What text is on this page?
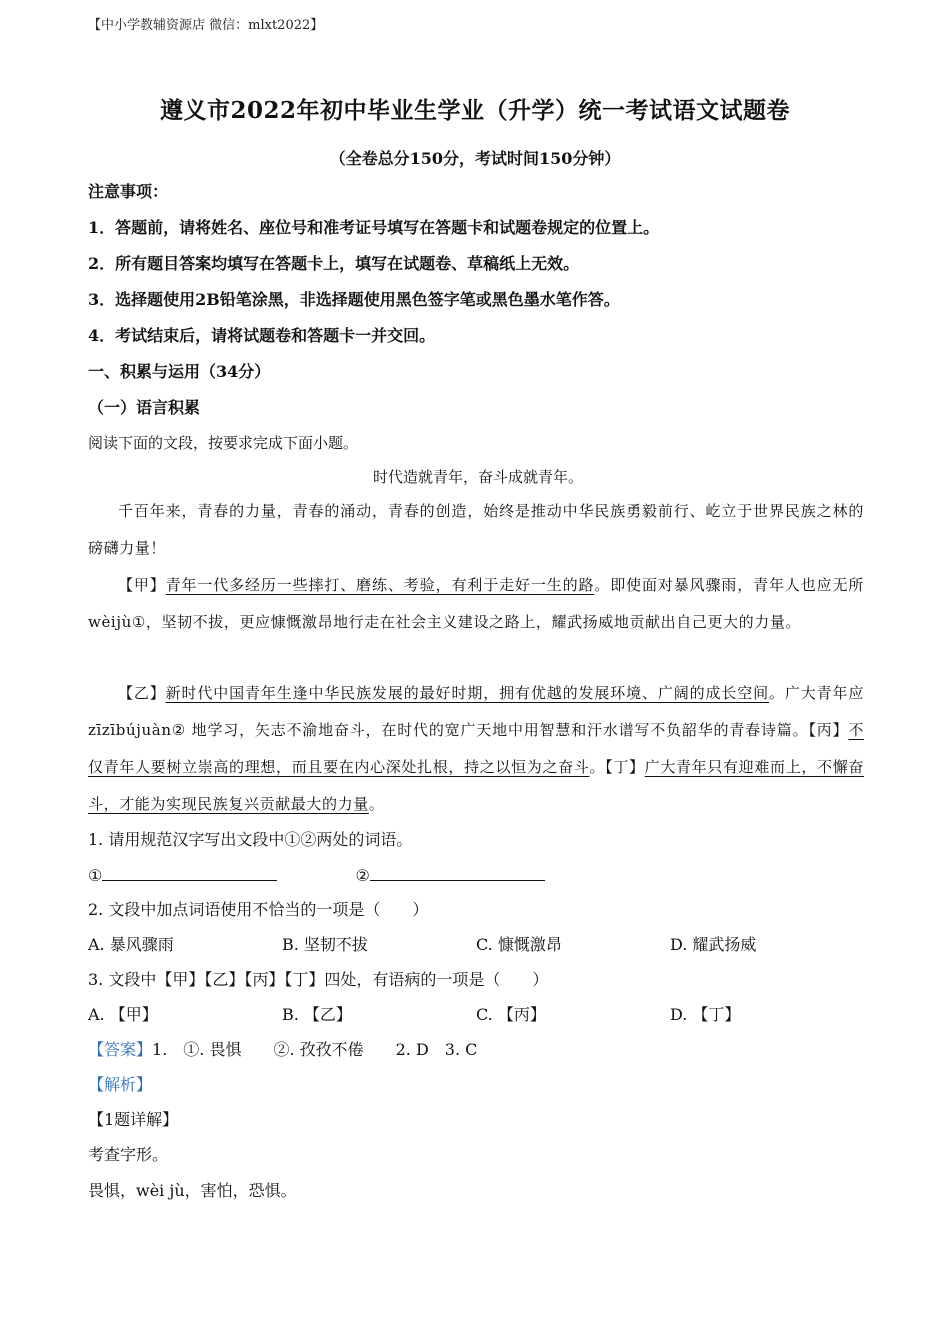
【中小学教辅资源店 微信：mlxt2022】
遵义市2022年初中毕业生学业（升学）统一考试语文试题卷
（全卷总分150分，考试时间150分钟）
注意事项：
1．答题前，请将姓名、座位号和准考证号填写在答题卡和试题卷规定的位置上。
2．所有题目答案均填写在答题卡上，填写在试题卷、草稿纸上无效。
3．选择题使用2B铅笔涂黑，非选择题使用黑色签字笔或黑色墨水笔作答。
4．考试结束后，请将试题卷和答题卡一并交回。
一、积累与运用（34分）
（一）语言积累
阅读下面的文段，按要求完成下面小题。
时代造就青年，奋斗成就青年。
千百年来，青春的力量，青春的涌动，青春的创造，始终是推动中华民族勇毅前行、屹立于世界民族之林的磅礴力量！
【甲】青年一代多经历一些摔打、磨练、考验，有利于走好一生的路。即使面对暴风骤雨，青年人也应无所 wèijù①，坚韧不拔，更应慷慨激昂地行走在社会主义建设之路上，耀武扬威地贡献出自己更大的力量。
【乙】新时代中国青年生逢中华民族发展的最好时期，拥有优越的发展环境、广阔的成长空间。广大青年应 zīzībújuàn② 地学习，矢志不渝地奋斗，在时代的宽广天地中用智慧和汗水谱写不负韶华的青春诗篇。【丙】不仅青年人要树立崇高的理想，而且要在内心深处扎根，持之以恒为之奋斗。【丁】广大青年只有迎难而上，不懈奋斗，才能为实现民族复兴贡献最大的力量。
1. 请用规范汉字写出文段中①②两处的词语。
①	②
2. 文段中加点词语使用不恰当的一项是（　　）
A. 暴风骤雨	B. 坚韧不拔	C. 慷慨激昂	D. 耀武扬威
3. 文段中【甲】【乙】【丙】【丁】四处，有语病的一项是（　　）
A. 【甲】	B. 【乙】	C. 【丙】	D. 【丁】
【答案】1.　①. 畏惧　　②. 孜孜不倦　　2. D　3. C
【解析】
【1题详解】
考查字形。
畏惧，wèi jù，害怕，恐惧。
